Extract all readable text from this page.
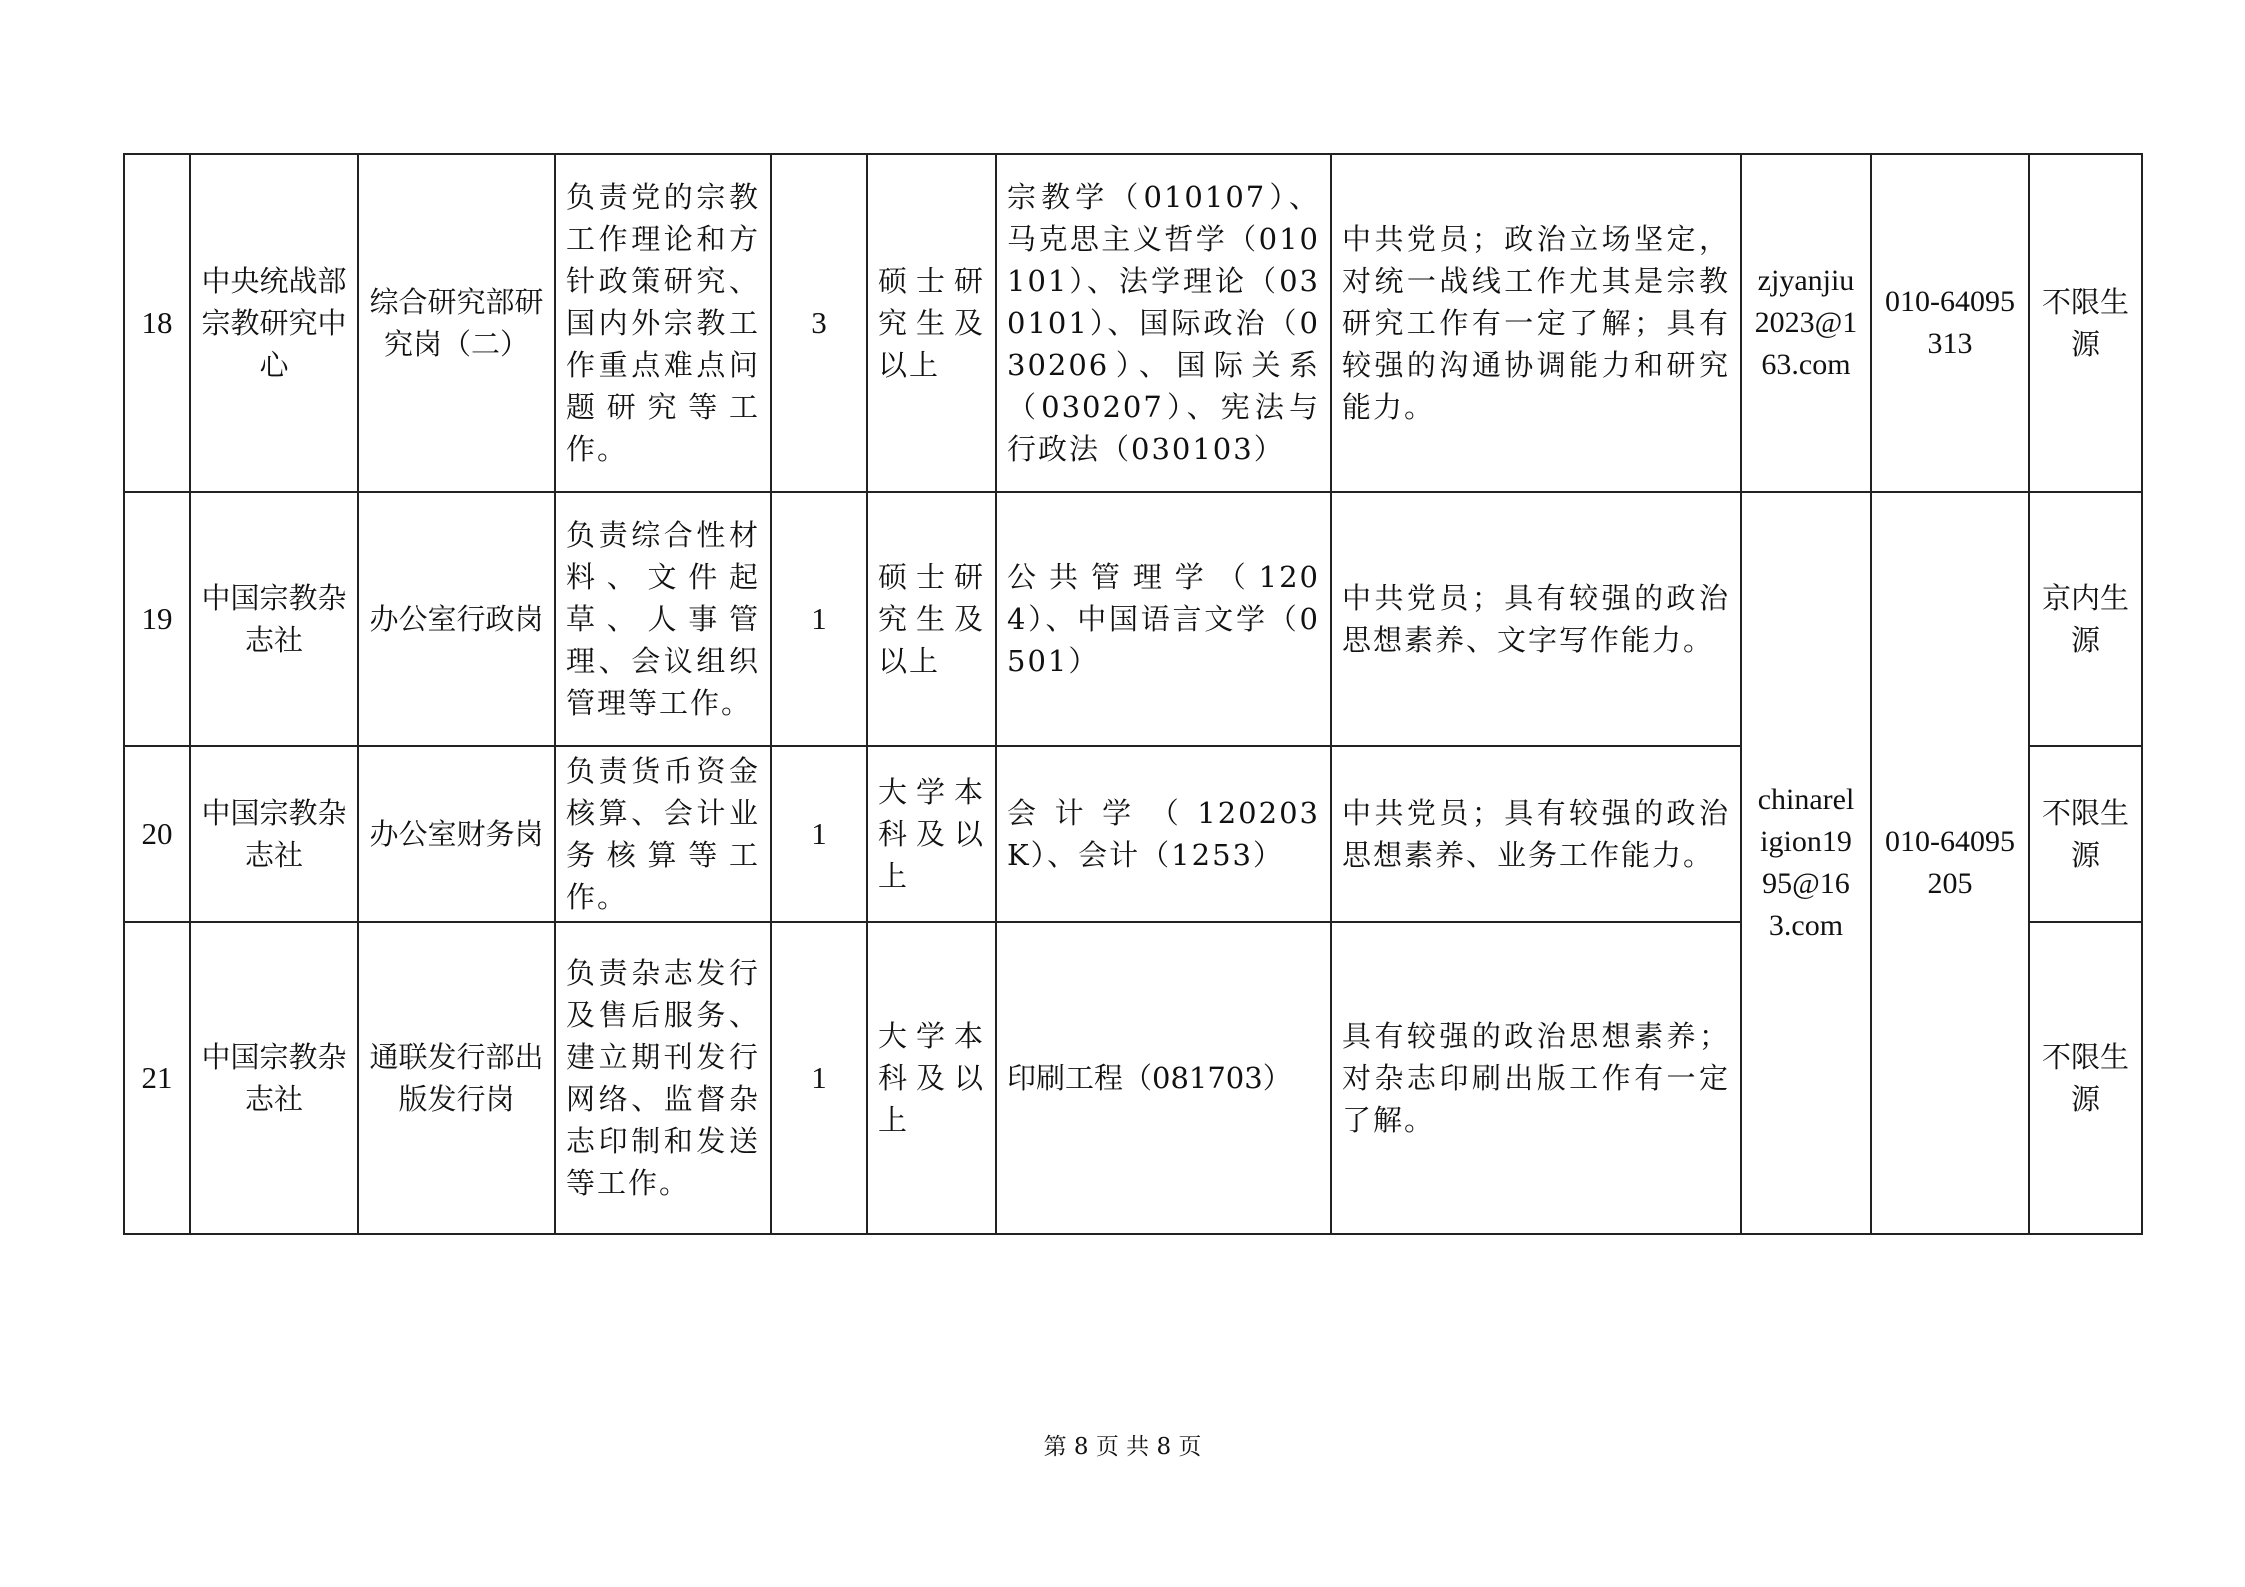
18	中央统战部宗教研究中心	综合研究部研究岗（二）	负责党的宗教工作理论和方针政策研究、国内外宗教工作重点难点问题研究等工作。	3	硕士研究生及以上	宗教学（010107）、马克思主义哲学（010101）、法学理论（030101）、国际政治（030206）、国际关系（030207）、宪法与行政法（030103）	中共党员；政治立场坚定，对统一战线工作尤其是宗教研究工作有一定了解；具有较强的沟通协调能力和研究能力。	zjyanjiu2023@163.com	010-64095313	不限生源
19	中国宗教杂志社	办公室行政岗	负责综合性材料、文件起草、人事管理、会议组织管理等工作。	1	硕士研究生及以上	公共管理学（1204）、中国语言文学（0501）	中共党员；具有较强的政治思想素养、文字写作能力。	chinareligion1995@163.com	010-64095205	京内生源
20	中国宗教杂志社	办公室财务岗	负责货币资金核算、会计业务核算等工作。	1	大学本科及以上	会计学（120203K）、会计（1253）	中共党员；具有较强的政治思想素养、业务工作能力。			不限生源
21	中国宗教杂志社	通联发行部出版发行岗	负责杂志发行及售后服务、建立期刊发行网络、监督杂志印制和发送等工作。	1	大学本科及以上	印刷工程（081703）	具有较强的政治思想素养；对杂志印刷出版工作有一定了解。			不限生源
第 8 页 共 8 页
